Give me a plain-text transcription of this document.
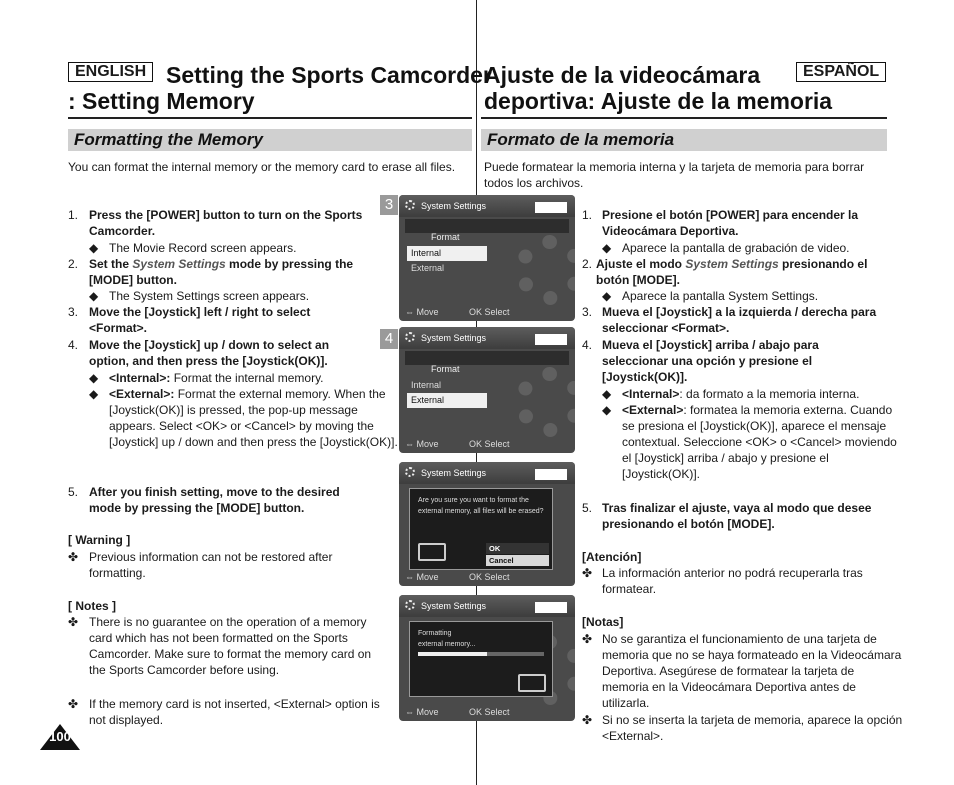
ENGLISH Setting the Sports Camcorder
: Setting Memory
Formatting the Memory
You can format the internal memory or the memory card to erase all files.
1. Press the [POWER] button to turn on the Sports Camcorder.
◆ The Movie Record screen appears.
2. Set the System Settings mode by pressing the [MODE] button.
◆ The System Settings screen appears.
3. Move the [Joystick] left / right to select <Format>.
4. Move the [Joystick] up / down to select an option, and then press the [Joystick(OK)].
◆ <Internal>: Format the internal memory.
◆ <External>: Format the external memory. When the [Joystick(OK)] is pressed, the pop-up message appears. Select <OK> or <Cancel> by moving the [Joystick] up / down and then press the [Joystick(OK)].
5. After you finish setting, move to the desired mode by pressing the [MODE] button.
[ Warning ]
✤ Previous information can not be restored after formatting.
[ Notes ]
✤ There is no guarantee on the operation of a memory card which has not been formatted on the Sports Camcorder. Make sure to format the memory card on the Sports Camcorder before using.
✤ If the memory card is not inserted, <External> option is not displayed.
100
3	System Settings
Format
Internal
External
⇔ Move	OK Select
4	System Settings
Format
Internal
External
⇔ Move	OK Select
System Settings
Are you sure you want to format the external memory, all files will be erased?
OK
Cancel
⇔ Move	OK Select
System Settings
Formatting
external memory...
⇔ Move	OK Select
Ajuste de la videocámara	ESPAÑOL
deportiva: Ajuste de la memoria
Formato de la memoria
Puede formatear la memoria interna y la tarjeta de memoria para borrar todos los archivos.
1. Presione el botón [POWER] para encender la Videocámara Deportiva.
◆ Aparece la pantalla de grabación de video.
2. Ajuste el modo System Settings presionando el botón [MODE].
◆ Aparece la pantalla System Settings.
3. Mueva el [Joystick] a la izquierda / derecha para seleccionar <Format>.
4. Mueva el [Joystick] arriba / abajo para seleccionar una opción y presione el [Joystick(OK)].
◆ <Internal>: da formato a la memoria interna.
◆ <External>: formatea la memoria externa. Cuando se presiona el [Joystick(OK)], aparece el mensaje contextual. Seleccione <OK> o <Cancel> moviendo el [Joystick] arriba / abajo y presione el [Joystick(OK)].
5. Tras finalizar el ajuste, vaya al modo que desee presionando el botón [MODE].
[Atención]
✤ La información anterior no podrá recuperarla tras formatear.
[Notas]
✤ No se garantiza el funcionamiento de una tarjeta de memoria que no se haya formateado en la Videocámara Deportiva. Asegúrese de formatear la tarjeta de memoria en la Videocámara Deportiva antes de utilizarla.
✤ Si no se inserta la tarjeta de memoria, aparece la opción <External>.
